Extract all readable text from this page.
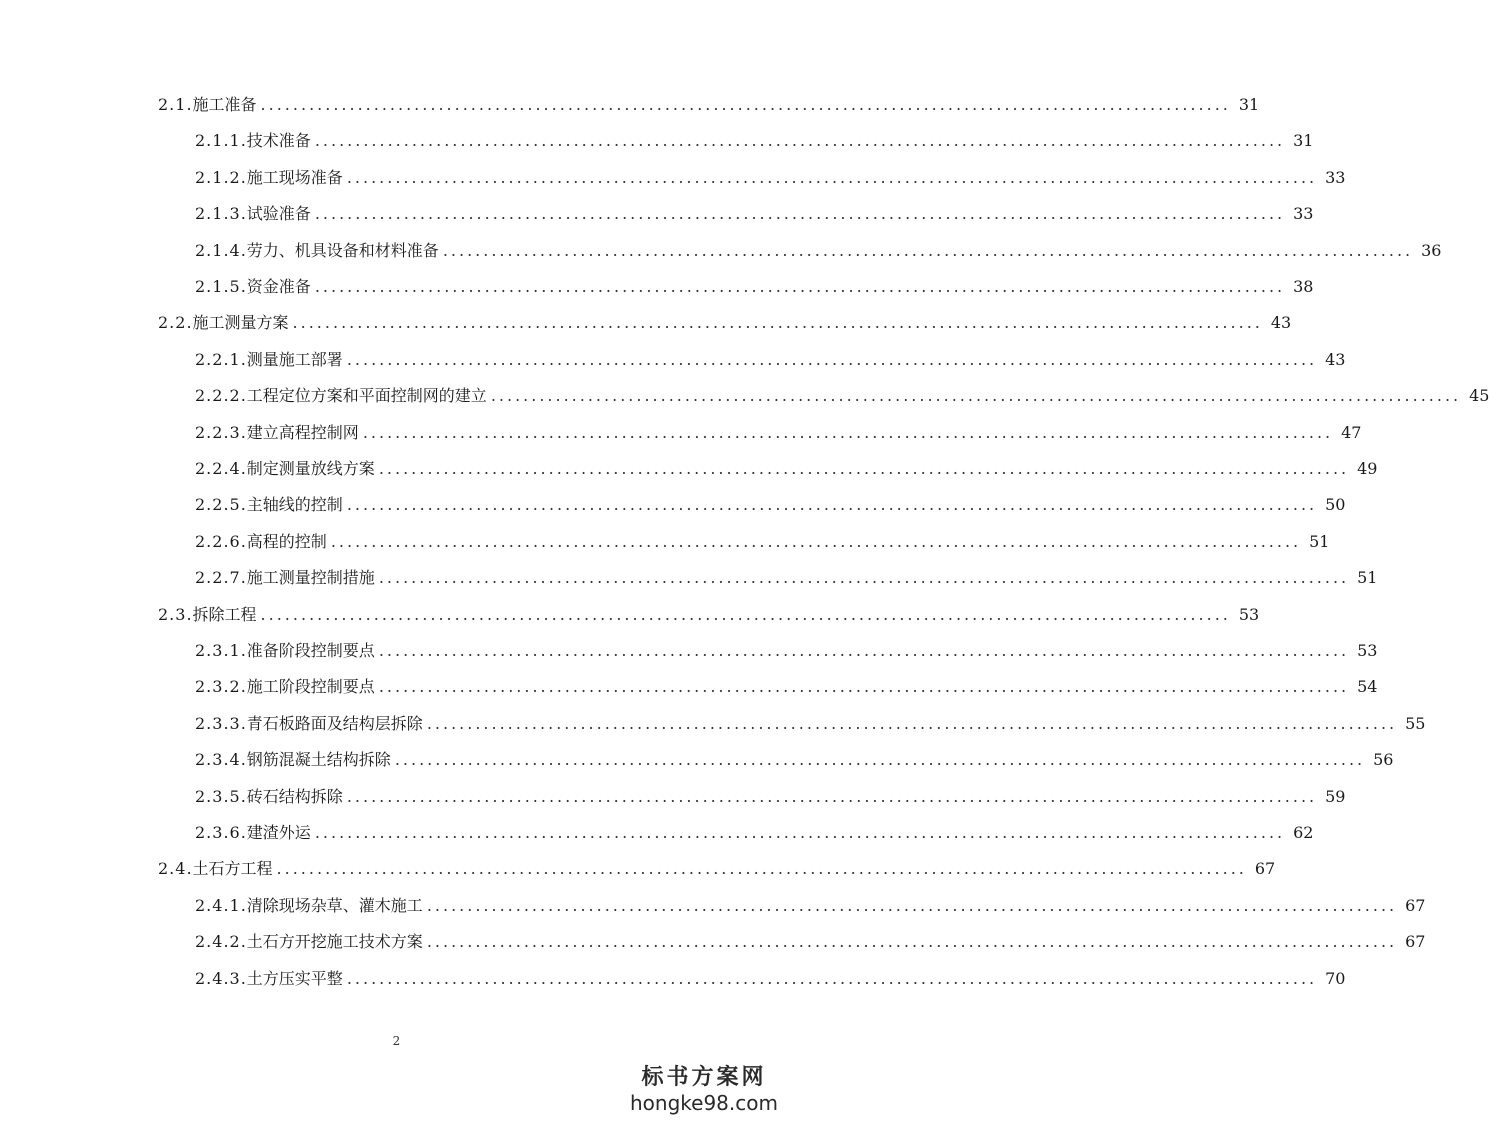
2.1. 施工准备 ........................................................................................................................ 31
2.1.1. 技术准备 ........................................................................................................................ 31
2.1.2. 施工现场准备 ........................................................................................................................ 33
2.1.3. 试验准备 ........................................................................................................................ 33
2.1.4. 劳力、机具设备和材料准备 ........................................................................................................................ 36
2.1.5. 资金准备 ........................................................................................................................ 38
2.2. 施工测量方案 ........................................................................................................................ 43
2.2.1. 测量施工部署 ........................................................................................................................ 43
2.2.2. 工程定位方案和平面控制网的建立 ........................................................................................................................ 45
2.2.3. 建立高程控制网 ........................................................................................................................ 47
2.2.4. 制定测量放线方案 ........................................................................................................................ 49
2.2.5. 主轴线的控制 ........................................................................................................................ 50
2.2.6. 高程的控制 ........................................................................................................................ 51
2.2.7. 施工测量控制措施 ........................................................................................................................ 51
2.3. 拆除工程 ........................................................................................................................ 53
2.3.1. 准备阶段控制要点 ........................................................................................................................ 53
2.3.2. 施工阶段控制要点 ........................................................................................................................ 54
2.3.3. 青石板路面及结构层拆除 ........................................................................................................................ 55
2.3.4. 钢筋混凝土结构拆除 ........................................................................................................................ 56
2.3.5. 砖石结构拆除 ........................................................................................................................ 59
2.3.6. 建渣外运 ........................................................................................................................ 62
2.4. 土石方工程 ........................................................................................................................ 67
2.4.1. 清除现场杂草、灌木施工 ........................................................................................................................ 67
2.4.2. 土石方开挖施工技术方案 ........................................................................................................................ 67
2.4.3. 土方压实平整 ........................................................................................................................ 70
2
标书方案网
hongke98.com
